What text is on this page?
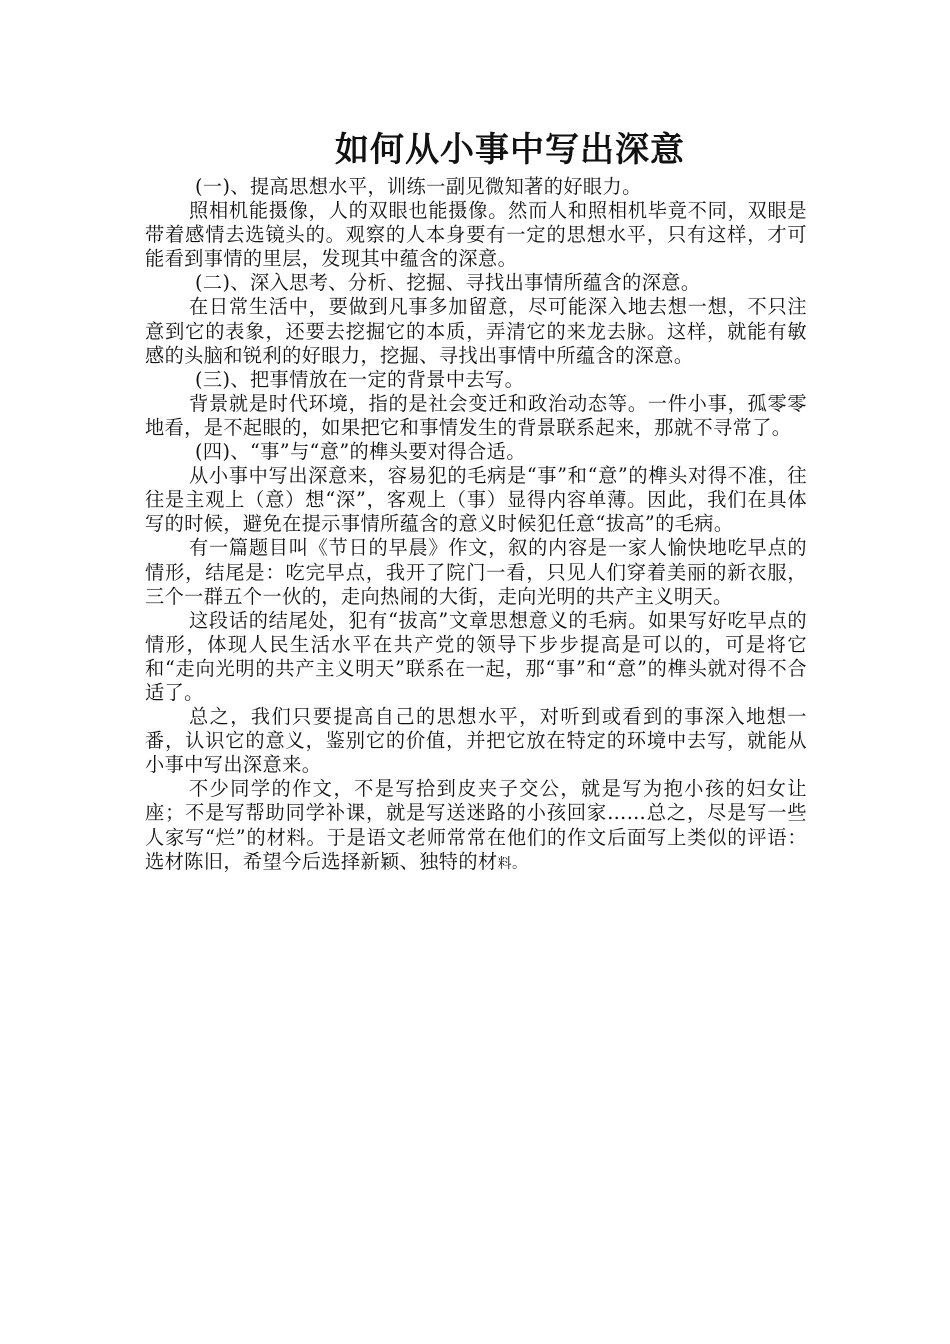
如何从小事中写出深意

(一)、提高思想水平，训练一副见微知著的好眼力。

照相机能摄像，人的双眼也能摄像。然而人和照相机毕竟不同，双眼是带着感情去选镜头的。观察的人本身要有一定的思想水平，只有这样，才可能看到事情的里层，发现其中蕴含的深意。

(二)、深入思考、分析、挖掘、寻找出事情所蕴含的深意。

在日常生活中，要做到凡事多加留意，尽可能深入地去想一想，不只注意到它的表象，还要去挖掘它的本质，弄清它的来龙去脉。这样，就能有敏感的头脑和锐利的好眼力，挖掘、寻找出事情中所蕴含的深意。

(三)、把事情放在一定的背景中去写。

背景就是时代环境，指的是社会变迁和政治动态等。一件小事，孤零零地看，是不起眼的，如果把它和事情发生的背景联系起来，那就不寻常了。

(四)、“事”与“意”的榫头要对得合适。

从小事中写出深意来，容易犯的毛病是“事”和“意”的榫头对得不准，往往是主观上（意）想“深”，客观上（事）显得内容单薄。因此，我们在具体写的时候，避免在提示事情所蕴含的意义时候犯任意“拔高”的毛病。

有一篇题目叫《节日的早晨》作文，叙的内容是一家人愉快地吃早点的情形，结尾是：吃完早点，我开了院门一看，只见人们穿着美丽的新衣服，三个一群五个一伙的，走向热闹的大街，走向光明的共产主义明天。

这段话的结尾处，犯有“拔高”文章思想意义的毛病。如果写好吃早点的情形，体现人民生活水平在共产党的领导下步步提高是可以的，可是将它和“走向光明的共产主义明天”联系在一起，那“事”和“意”的榫头就对得不合适了。

总之，我们只要提高自己的思想水平，对听到或看到的事深入地想一番，认识它的意义，鉴别它的价值，并把它放在特定的环境中去写，就能从小事中写出深意来。

不少同学的作文，不是写拾到皮夹子交公，就是写为抱小孩的妇女让座；不是写帮助同学补课，就是写送迷路的小孩回家……总之，尽是写一些人家写“烂”的材料。于是语文老师常常在他们的作文后面写上类似的评语：选材陈旧，希望今后选择新颖、独特的材料。
